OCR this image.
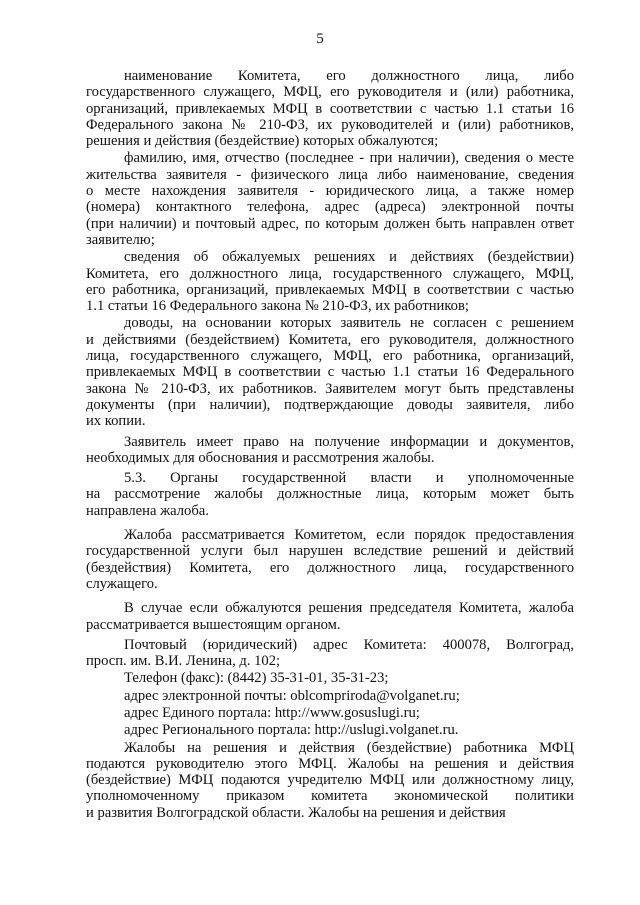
5
наименование Комитета, его должностного лица, либо
государственного служащего, МФЦ, его руководителя и (или) работника,
организаций, привлекаемых МФЦ в соответствии с частью 1.1 статьи 16
Федерального закона № 210-ФЗ, их руководителей и (или) работников,
решения и действия (бездействие) которых обжалуются;
фамилию, имя, отчество (последнее - при наличии), сведения о месте
жительства заявителя - физического лица либо наименование, сведения
о месте нахождения заявителя - юридического лица, а также номер
(номера) контактного телефона, адрес (адреса) электронной почты
(при наличии) и почтовый адрес, по которым должен быть направлен ответ
заявителю;
сведения об обжалуемых решениях и действиях (бездействии)
Комитета, его должностного лица, государственного служащего, МФЦ,
его работника, организаций, привлекаемых МФЦ в соответствии с частью
1.1 статьи 16 Федерального закона № 210-ФЗ, их работников;
доводы, на основании которых заявитель не согласен с решением
и действиями (бездействием) Комитета, его руководителя, должностного
лица, государственного служащего, МФЦ, его работника, организаций,
привлекаемых МФЦ в соответствии с частью 1.1 статьи 16 Федерального
закона № 210-ФЗ, их работников. Заявителем могут быть представлены
документы (при наличии), подтверждающие доводы заявителя, либо
их копии.
Заявитель имеет право на получение информации и документов,
необходимых для обоснования и рассмотрения жалобы.
5.3. Органы государственной власти и уполномоченные
на рассмотрение жалобы должностные лица, которым может быть
направлена жалоба.
Жалоба рассматривается Комитетом, если порядок предоставления
государственной услуги был нарушен вследствие решений и действий
(бездействия) Комитета, его должностного лица, государственного
служащего.
В случае если обжалуются решения председателя Комитета, жалоба
рассматривается вышестоящим органом.
Почтовый (юридический) адрес Комитета: 400078, Волгоград,
просп. им. В.И. Ленина, д. 102;
Телефон (факс): (8442) 35-31-01, 35-31-23;
адрес электронной почты: oblcompriroda@volganet.ru;
адрес Единого портала: http://www.gosuslugi.ru;
адрес Регионального портала: http://uslugi.volganet.ru.
Жалобы на решения и действия (бездействие) работника МФЦ
подаются руководителю этого МФЦ. Жалобы на решения и действия
(бездействие) МФЦ подаются учредителю МФЦ или должностному лицу,
уполномоченному приказом комитета экономической политики
и развития Волгоградской области. Жалобы на решения и действия
